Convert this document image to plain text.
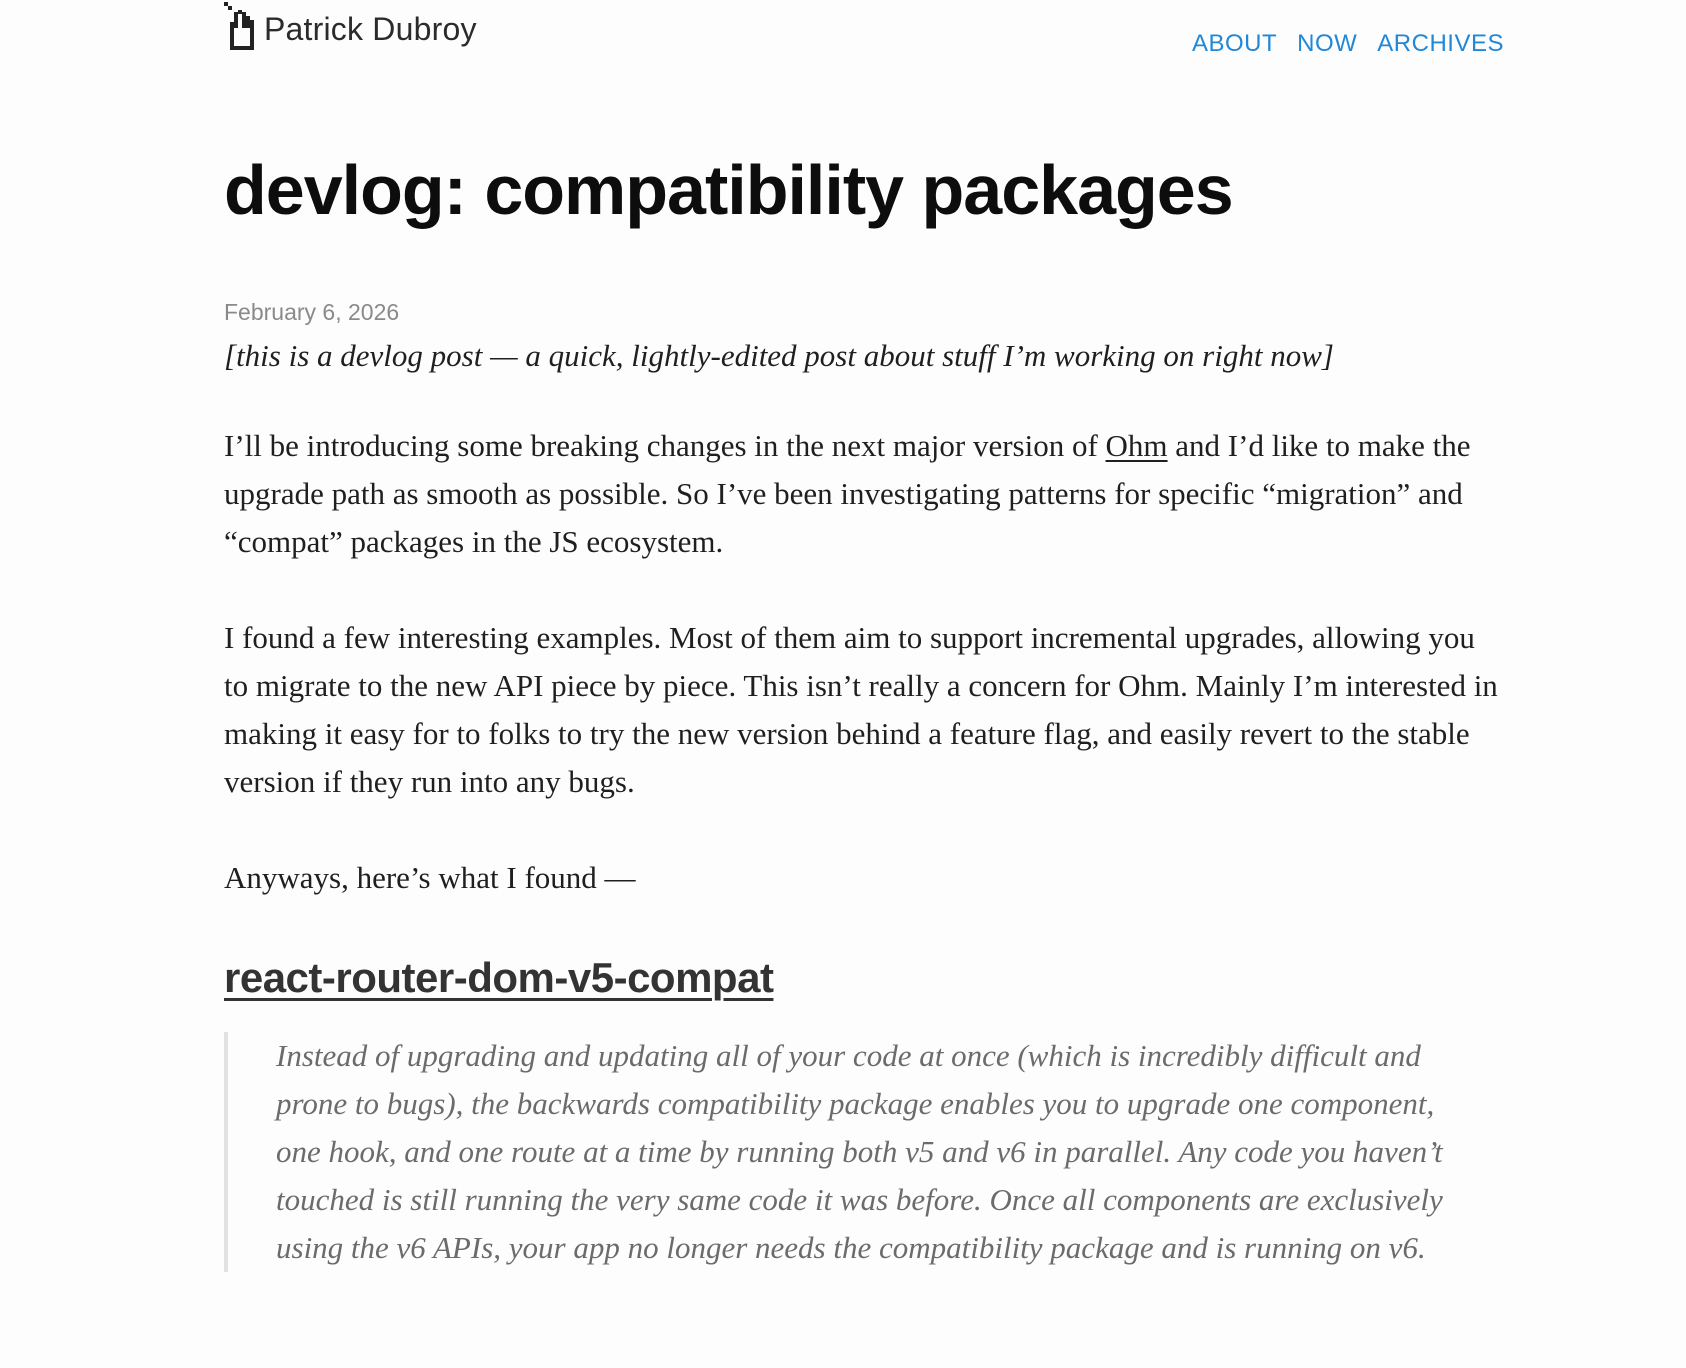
Patrick Dubroy	ABOUT NOW ARCHIVES
devlog: compatibility packages
February 6, 2026
[this is a devlog post — a quick, lightly-edited post about stuff I’m working on right now]

I’ll be introducing some breaking changes in the next major version of Ohm and I’d like to make the upgrade path as smooth as possible. So I’ve been investigating patterns for specific “migration” and “compat” packages in the JS ecosystem.

I found a few interesting examples. Most of them aim to support incremental upgrades, allowing you to migrate to the new API piece by piece. This isn’t really a concern for Ohm. Mainly I’m interested in making it easy for to folks to try the new version behind a feature flag, and easily revert to the stable version if they run into any bugs.

Anyways, here’s what I found —

react-router-dom-v5-compat

Instead of upgrading and updating all of your code at once (which is incredibly difficult and prone to bugs), the backwards compatibility package enables you to upgrade one component, one hook, and one route at a time by running both v5 and v6 in parallel. Any code you haven’t touched is still running the very same code it was before. Once all components are exclusively using the v6 APIs, your app no longer needs the compatibility package and is running on v6.
